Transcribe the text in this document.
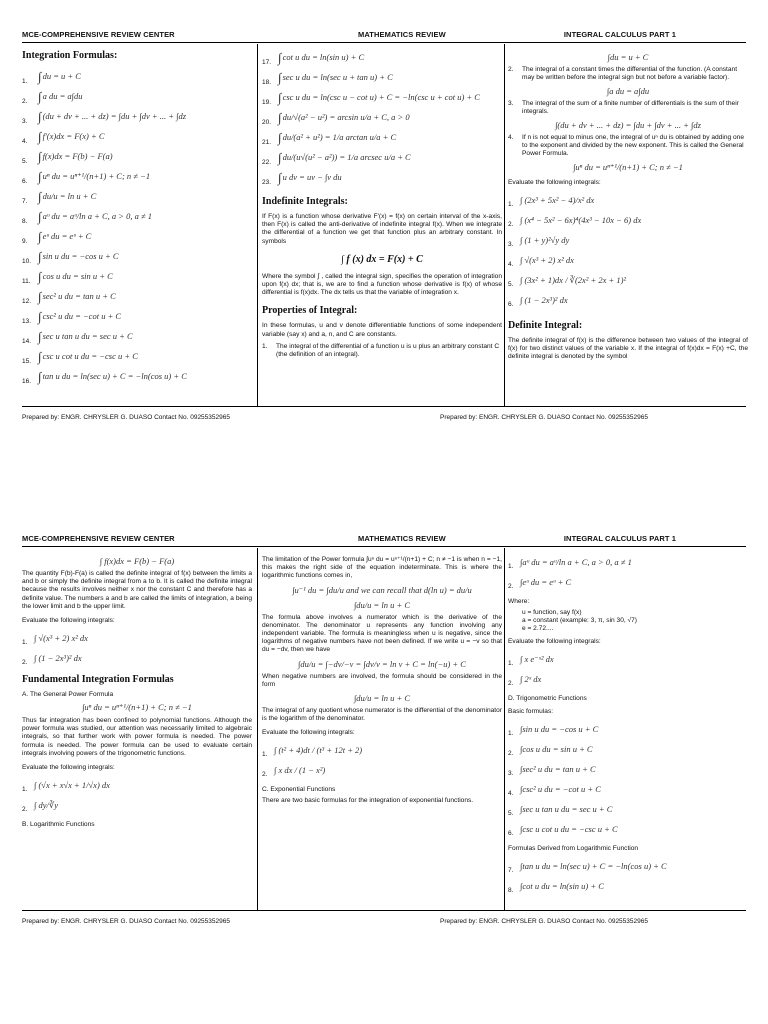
MCE-COMPREHENSIVE REVIEW CENTER	MATHEMATICS REVIEW	INTEGRAL CALCULUS PART 1
Integration Formulas:
1. ∫du = u + C
2. ∫a du = a∫du
3. ∫(du + dv + ... + dz) = ∫du + ∫dv + ... + ∫dz
4. ∫f′(x)dx = F(x) + C
5. ∫f(x)dx = F(b) − F(a)
6. ∫uⁿ du = uⁿ⁺¹/(n+1) + C; n ≠ −1
7. ∫du/u = ln u + C
8. ∫aᵘ du = aᵘ/ln a + C, a > 0, a ≠ 1
9. ∫eᵘ du = eᵘ + C
10. ∫sin u du = −cos u + C
11. ∫cos u du = sin u + C
12. ∫sec² u du = tan u + C
13. ∫csc² u du = −cot u + C
14. ∫sec u tan u du = sec u + C
15. ∫csc u cot u du = −csc u + C
16. ∫tan u du = ln(sec u) + C = −ln(cos u) + C
17. ∫cot u du = ln(sin u) + C
18. ∫sec u du = ln(sec u + tan u) + C
19. ∫csc u du = ln(csc u − cot u) + C = −ln(csc u + cot u) + C
20. ∫du/√(a² − u²) = arcsin u/a + C, a > 0
21. ∫du/(a² + u²) = 1/a arctan u/a + C
22. ∫du/(u√(u² − a²)) = 1/a arcsec u/a + C
23. ∫u dv = uv − ∫v du
Indefinite Integrals:
If F(x) is a function whose derivative F'(x) = f(x) on certain interval of the x-axis, then F(x) is called the anti-derivative of indefinite integral f(x). When we integrate the differential of a function we get that function plus an arbitrary constant. In symbols
∫ f (x) dx = F(x) + C
Where the symbol ∫ , called the integral sign, specifies the operation of integration upon f(x) dx; that is, we are to find a function whose derivative is f(x) of whose differential is f(x)dx. The dx tells us that the variable of integration x.
Properties of Integral:
In these formulas, u and v denote differentiable functions of some independent variable (say x) and a, n, and C are constants.
1.	The integral of the differential of a function u is u plus an arbitrary constant C (the definition of an integral).
∫du = u + C
2.	The integral of a constant times the differential of the function. (A constant may be written before the integral sign but not before a variable factor).
∫a du = a∫du
3.	The integral of the sum of a finite number of differentials is the sum of their integrals.
∫(du + dv + ... + dz) = ∫du + ∫dv + ... + ∫dz
4.	If n is not equal to minus one, the integral of uⁿ du is obtained by adding one to the exponent and divided by the new exponent. This is called the General Power Formula.
∫uⁿ du = uⁿ⁺¹/(n+1) + C; n ≠ −1
Evaluate the following integrals:
1. ∫ (2x³ + 5x² − 4)/x² dx
2. ∫ (x⁴ − 5x² − 6x)⁴(4x³ − 10x − 6) dx
3. ∫ (1 + y)²√y dy
4. ∫ √(x³ + 2) x² dx
5. ∫ (3x² + 1)dx / ∛(2x² + 2x + 1)²
6. ∫ (1 − 2x³)² dx
Definite Integral:
The definite integral of f(x) is the difference between two values of the integral of f(x) for two distinct values of the variable x. If the integral of f(x)dx = F(x) +C, the definite integral is denoted by the symbol
Prepared by: ENGR. CHRYSLER G. DUASO Contact No. 09255352965	Prepared by: ENGR. CHRYSLER G. DUASO Contact No. 09255352965
MCE-COMPREHENSIVE REVIEW CENTER	MATHEMATICS REVIEW	INTEGRAL CALCULUS PART 1
∫ f(x)dx = F(b) − F(a)
The quantity F(b)-F(a) is called the definite integral of f(x) between the limits a and b or simply the definite integral from a to b. It is called the definite integral because the results involves neither x nor the constant C and therefore has a definite value. The numbers a and b are called the limits of integration, a being the lower limit and b the upper limit.
Evaluate the following integrals:
1. ∫ √(x³ + 2) x² dx
2. ∫ (1 − 2x³)² dx
Fundamental Integration Formulas
A. The General Power Formula
∫uⁿ du = uⁿ⁺¹/(n+1) + C; n ≠ −1
Thus far integration has been confined to polynomial functions. Although the power formula was studied, our attention was necessarily limited to algebraic integrals, so that further work with power formula is needed. The power formula is needed. The power formula can be used to evaluate certain integrals involving powers of the trigonometric functions.
Evaluate the following integrals:
1. ∫ (√x + x√x + 1/√x) dx
2. ∫ dy/∛y
B. Logarithmic Functions
The limitation of the Power formula ∫uⁿ du = uⁿ⁺¹/(n+1) + C; n ≠ −1 is when n = −1, this makes the right side of the equation indeterminate. This is where the logarithmic functions comes in,
∫u⁻¹ du = ∫du/u and we can recall that d(ln u) = du/u
∫du/u = ln u + C
The formula above involves a numerator which is the derivative of the denominator. The denominator u represents any function involving any independent variable. The formula is meaningless when u is negative, since the logarithms of negative numbers have not been defined. If we write u = −v so that du = −dv, then we have
∫du/u = ∫−dv/−v = ∫dv/v = ln v + C = ln(−u) + C
When negative numbers are involved, the formula should be considered in the form
∫du/u = ln u + C
The integral of any quotient whose numerator is the differential of the denominator is the logarithm of the denominator.
Evaluate the following integrals:
1. ∫ (t² + 4)dt / (t³ + 12t + 2)
2. ∫ x dx / (1 − x²)
C. Exponential Functions
There are two basic formulas for the integration of exponential functions.
1. ∫aᵘ du = aᵘ/ln a + C, a > 0, a ≠ 1
2. ∫eᵘ du = eᵘ + C
Where:
u = function, say f(x)
a = constant (example: 3, π, sin 30, √7)
e = 2.72....
Evaluate the following integrals:
1. ∫ x e⁻ˣ² dx
2. ∫ 2ˣ dx
D. Trigonometric Functions
Basic formulas:
1. ∫sin u du = −cos u + C
2. ∫cos u du = sin u + C
3. ∫sec² u du = tan u + C
4. ∫csc² u du = −cot u + C
5. ∫sec u tan u du = sec u + C
6. ∫csc u cot u du = −csc u + C
Formulas Derived from Logarithmic Function
7. ∫tan u du = ln(sec u) + C = −ln(cos u) + C
8. ∫cot u du = ln(sin u) + C
Prepared by: ENGR. CHRYSLER G. DUASO Contact No. 09255352965	Prepared by: ENGR. CHRYSLER G. DUASO Contact No. 09255352965
